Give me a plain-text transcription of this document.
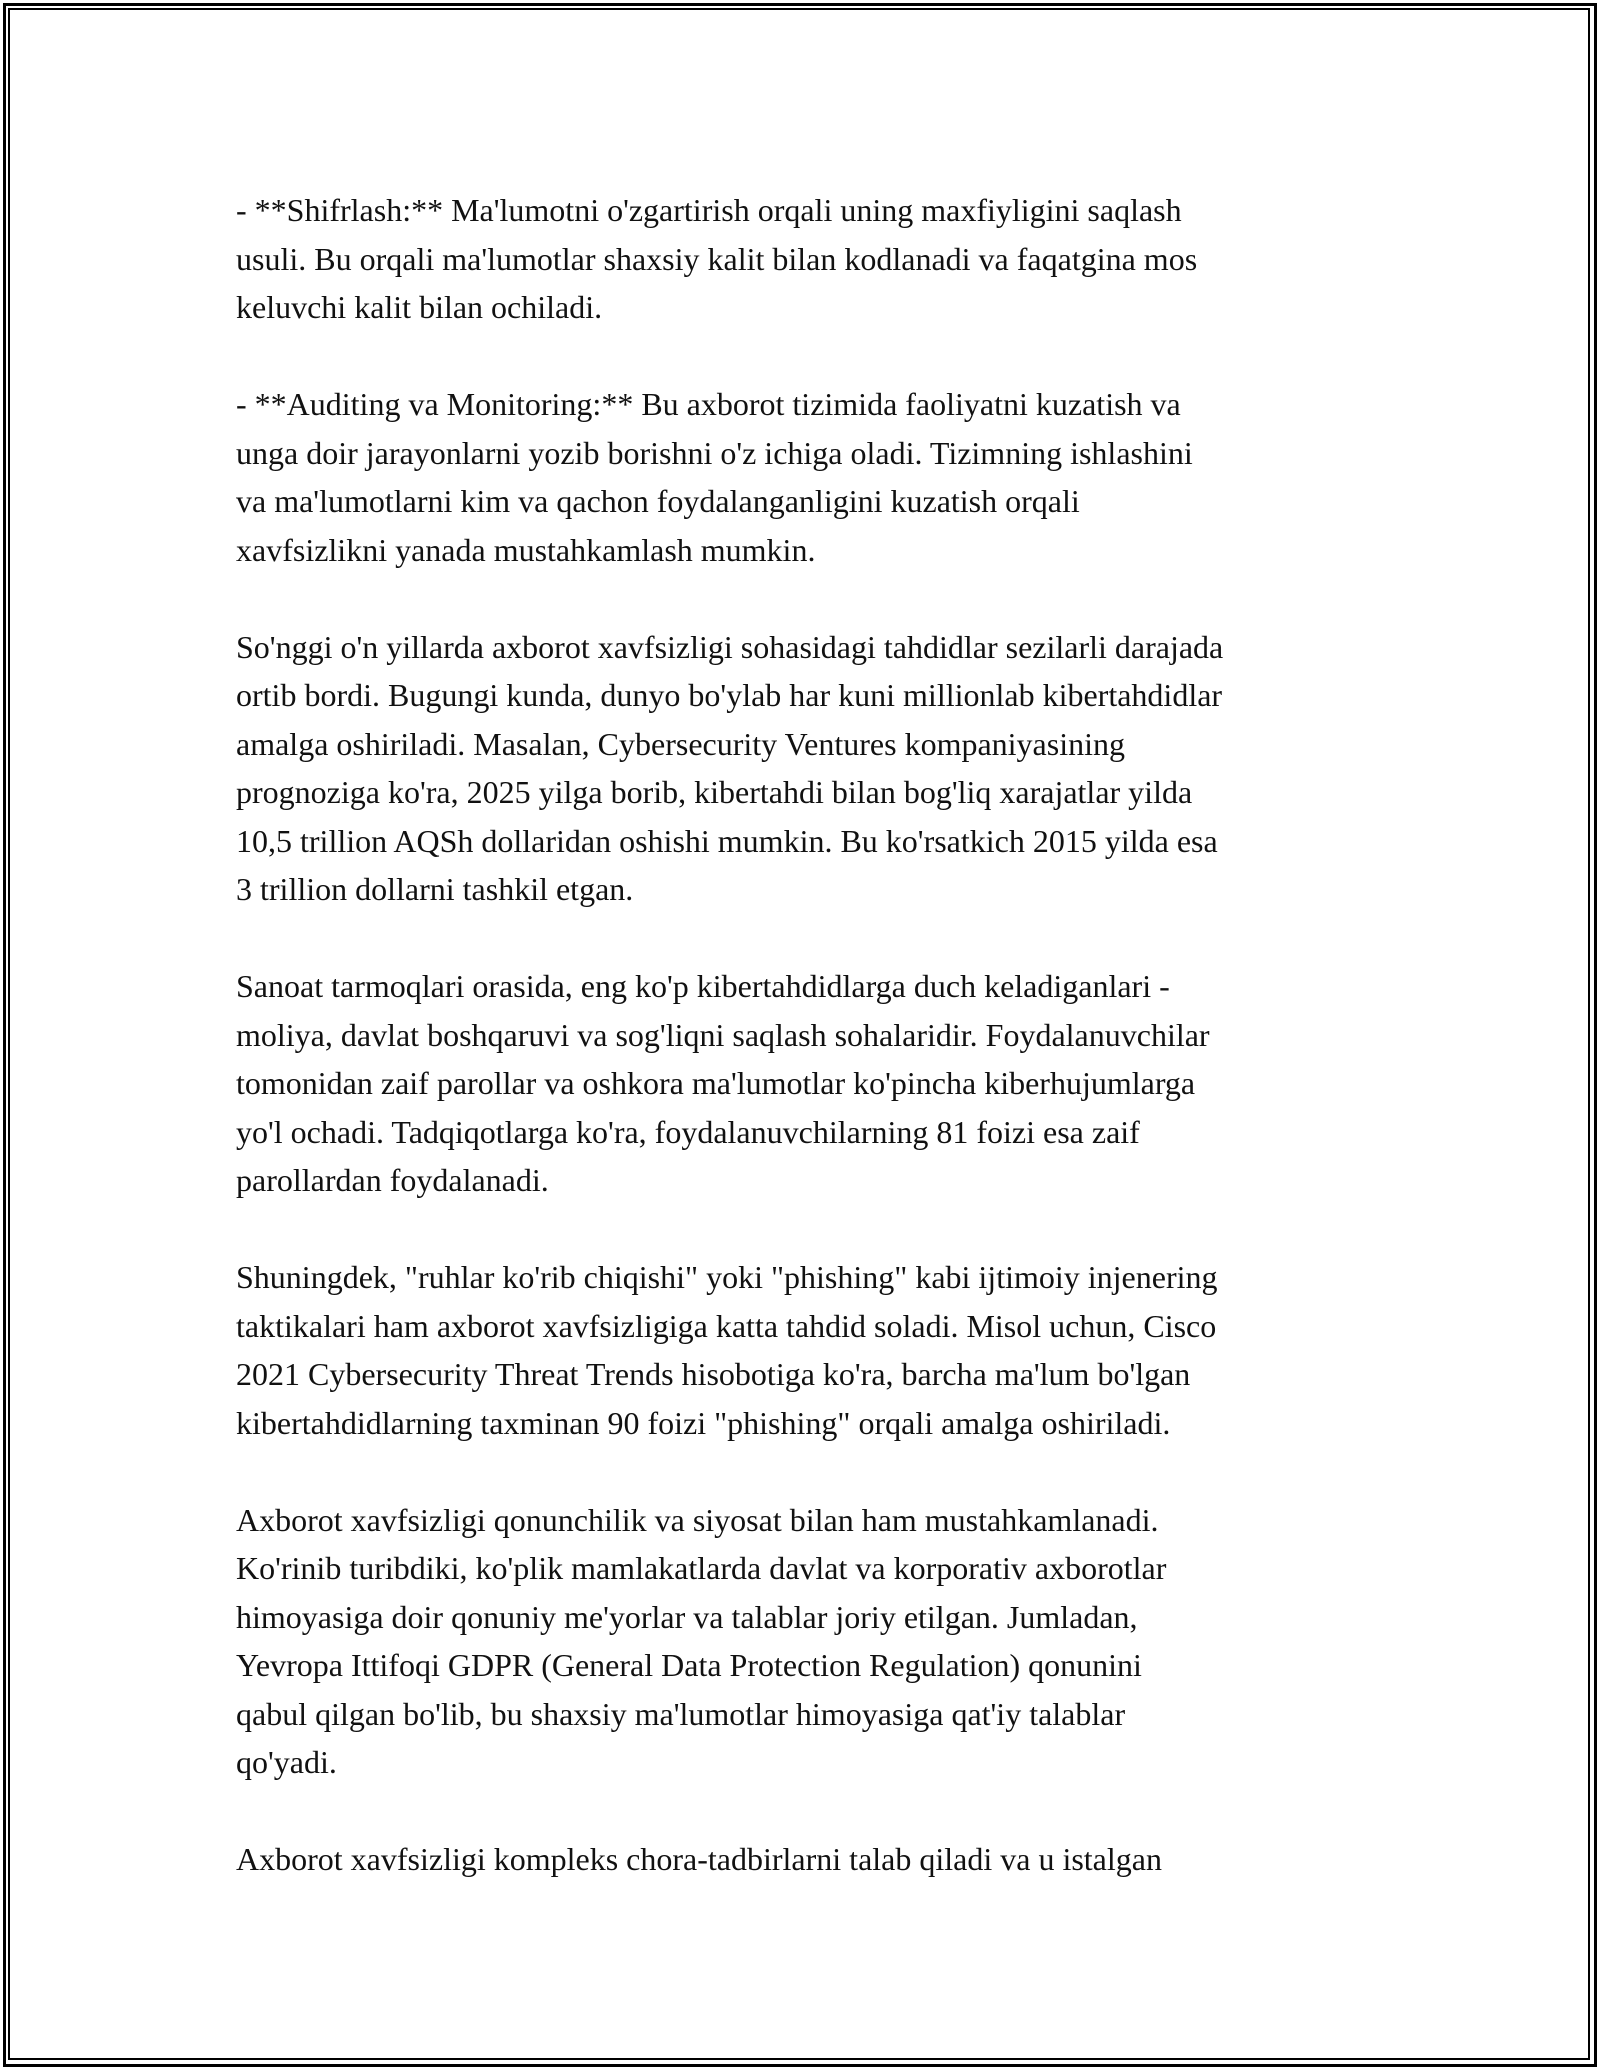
- **Shifrlash:** Ma'lumotni o'zgartirish orqali uning maxfiyligini saqlash
usuli. Bu orqali ma'lumotlar shaxsiy kalit bilan kodlanadi va faqatgina mos
keluvchi kalit bilan ochiladi.

- **Auditing va Monitoring:** Bu axborot tizimida faoliyatni kuzatish va
unga doir jarayonlarni yozib borishni o'z ichiga oladi. Tizimning ishlashini
va ma'lumotlarni kim va qachon foydalanganligini kuzatish orqali
xavfsizlikni yanada mustahkamlash mumkin.

So'nggi o'n yillarda axborot xavfsizligi sohasidagi tahdidlar sezilarli darajada
ortib bordi. Bugungi kunda, dunyo bo'ylab har kuni millionlab kibertahdidlar
amalga oshiriladi. Masalan, Cybersecurity Ventures kompaniyasining
prognoziga ko'ra, 2025 yilga borib, kibertahdi bilan bog'liq xarajatlar yilda
10,5 trillion AQSh dollaridan oshishi mumkin. Bu ko'rsatkich 2015 yilda esa
3 trillion dollarni tashkil etgan.

Sanoat tarmoqlari orasida, eng ko'p kibertahdidlarga duch keladiganlari -
moliya, davlat boshqaruvi va sog'liqni saqlash sohalaridir. Foydalanuvchilar
tomonidan zaif parollar va oshkora ma'lumotlar ko'pincha kiberhujumlarga
yo'l ochadi. Tadqiqotlarga ko'ra, foydalanuvchilarning 81 foizi esa zaif
parollardan foydalanadi.

Shuningdek, "ruhlar ko'rib chiqishi" yoki "phishing" kabi ijtimoiy injenering
taktikalari ham axborot xavfsizligiga katta tahdid soladi. Misol uchun, Cisco
2021 Cybersecurity Threat Trends hisobotiga ko'ra, barcha ma'lum bo'lgan
kibertahdidlarning taxminan 90 foizi "phishing" orqali amalga oshiriladi.

Axborot xavfsizligi qonunchilik va siyosat bilan ham mustahkamlanadi.
Ko'rinib turibdiki, ko'plik mamlakatlarda davlat va korporativ axborotlar
himoyasiga doir qonuniy me'yorlar va talablar joriy etilgan. Jumladan,
Yevropa Ittifoqi GDPR (General Data Protection Regulation) qonunini
qabul qilgan bo'lib, bu shaxsiy ma'lumotlar himoyasiga qat'iy talablar
qo'yadi.

Axborot xavfsizligi kompleks chora-tadbirlarni talab qiladi va u istalgan
